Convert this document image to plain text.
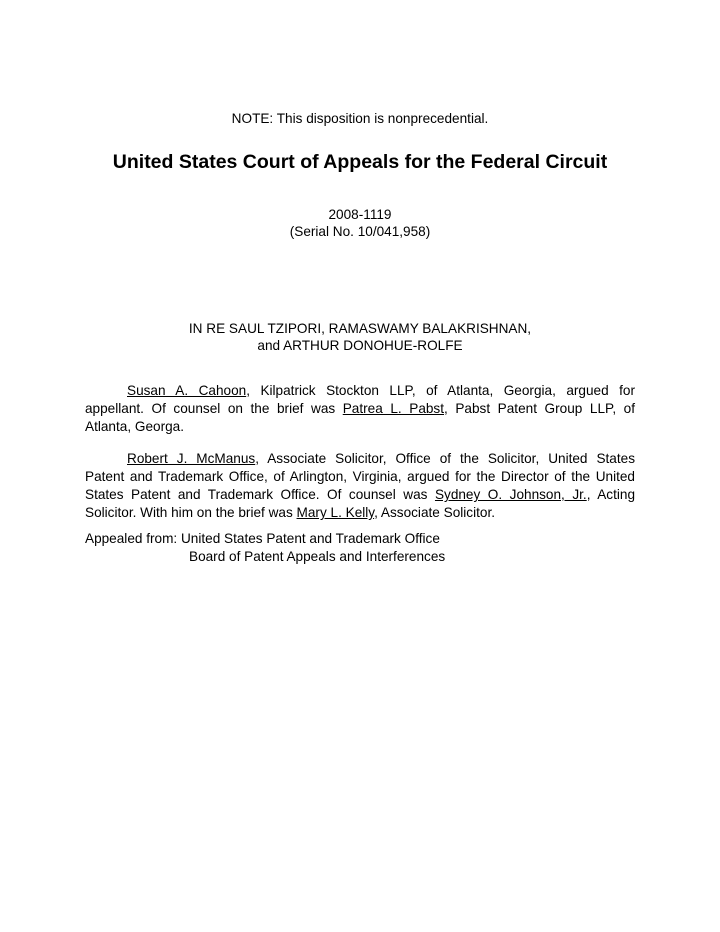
NOTE: This disposition is nonprecedential.
United States Court of Appeals for the Federal Circuit
2008-1119
(Serial No. 10/041,958)
IN RE SAUL TZIPORI, RAMASWAMY BALAKRISHNAN,
and ARTHUR DONOHUE-ROLFE
Susan A. Cahoon, Kilpatrick Stockton LLP, of Atlanta, Georgia, argued for
appellant. Of counsel on the brief was Patrea L. Pabst, Pabst Patent Group LLP, of
Atlanta, Georga.
Robert J. McManus, Associate Solicitor, Office of the Solicitor, United States
Patent and Trademark Office, of Arlington, Virginia, argued for the Director of the United
States Patent and Trademark Office. Of counsel was Sydney O. Johnson, Jr., Acting
Solicitor. With him on the brief was Mary L. Kelly, Associate Solicitor.
Appealed from: United States Patent and Trademark Office
Board of Patent Appeals and Interferences
